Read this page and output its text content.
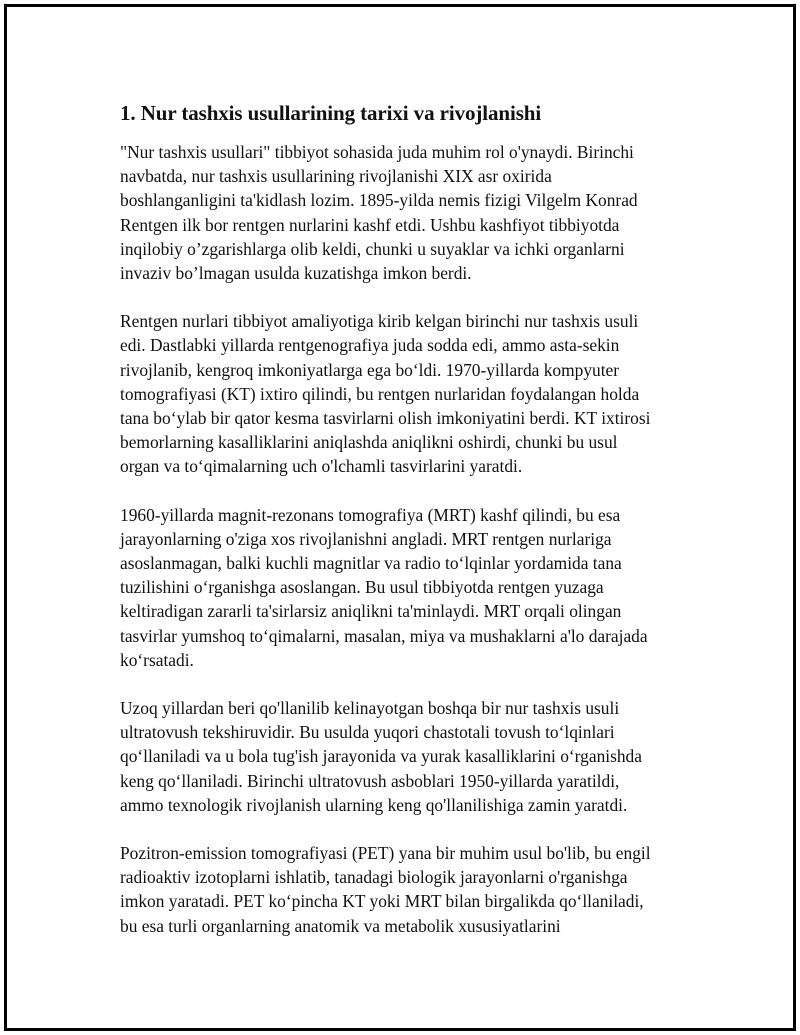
1. Nur tashxis usullarining tarixi va rivojlanishi

"Nur tashxis usullari" tibbiyot sohasida juda muhim rol o'ynaydi. Birinchi
navbatda, nur tashxis usullarining rivojlanishi XIX asr oxirida
boshlanganligini ta'kidlash lozim. 1895-yilda nemis fizigi Vilgelm Konrad
Rentgen ilk bor rentgen nurlarini kashf etdi. Ushbu kashfiyot tibbiyotda
inqilobiy o’zgarishlarga olib keldi, chunki u suyaklar va ichki organlarni
invaziv bo’lmagan usulda kuzatishga imkon berdi.

Rentgen nurlari tibbiyot amaliyotiga kirib kelgan birinchi nur tashxis usuli
edi. Dastlabki yillarda rentgenografiya juda sodda edi, ammo asta-sekin
rivojlanib, kengroq imkoniyatlarga ega bo‘ldi. 1970-yillarda kompyuter
tomografiyasi (KT) ixtiro qilindi, bu rentgen nurlaridan foydalangan holda
tana bo‘ylab bir qator kesma tasvirlarni olish imkoniyatini berdi. KT ixtirosi
bemorlarning kasalliklarini aniqlashda aniqlikni oshirdi, chunki bu usul
organ va to‘qimalarning uch o'lchamli tasvirlarini yaratdi.

1960-yillarda magnit-rezonans tomografiya (MRT) kashf qilindi, bu esa
jarayonlarning o'ziga xos rivojlanishni angladi. MRT rentgen nurlariga
asoslanmagan, balki kuchli magnitlar va radio to‘lqinlar yordamida tana
tuzilishini o‘rganishga asoslangan. Bu usul tibbiyotda rentgen yuzaga
keltiradigan zararli ta'sirlarsiz aniqlikni ta'minlaydi. MRT orqali olingan
tasvirlar yumshoq to‘qimalarni, masalan, miya va mushaklarni a'lo darajada
ko‘rsatadi.

Uzoq yillardan beri qo'llanilib kelinayotgan boshqa bir nur tashxis usuli
ultratovush tekshiruvidir. Bu usulda yuqori chastotali tovush to‘lqinlari
qo‘llaniladi va u bola tug'ish jarayonida va yurak kasalliklarini o‘rganishda
keng qo‘llaniladi. Birinchi ultratovush asboblari 1950-yillarda yaratildi,
ammo texnologik rivojlanish ularning keng qo'llanilishiga zamin yaratdi.

Pozitron-emission tomografiyasi (PET) yana bir muhim usul bo'lib, bu engil
radioaktiv izotoplarni ishlatib, tanadagi biologik jarayonlarni o'rganishga
imkon yaratadi. PET ko‘pincha KT yoki MRT bilan birgalikda qo‘llaniladi,
bu esa turli organlarning anatomik va metabolik xususiyatlarini
